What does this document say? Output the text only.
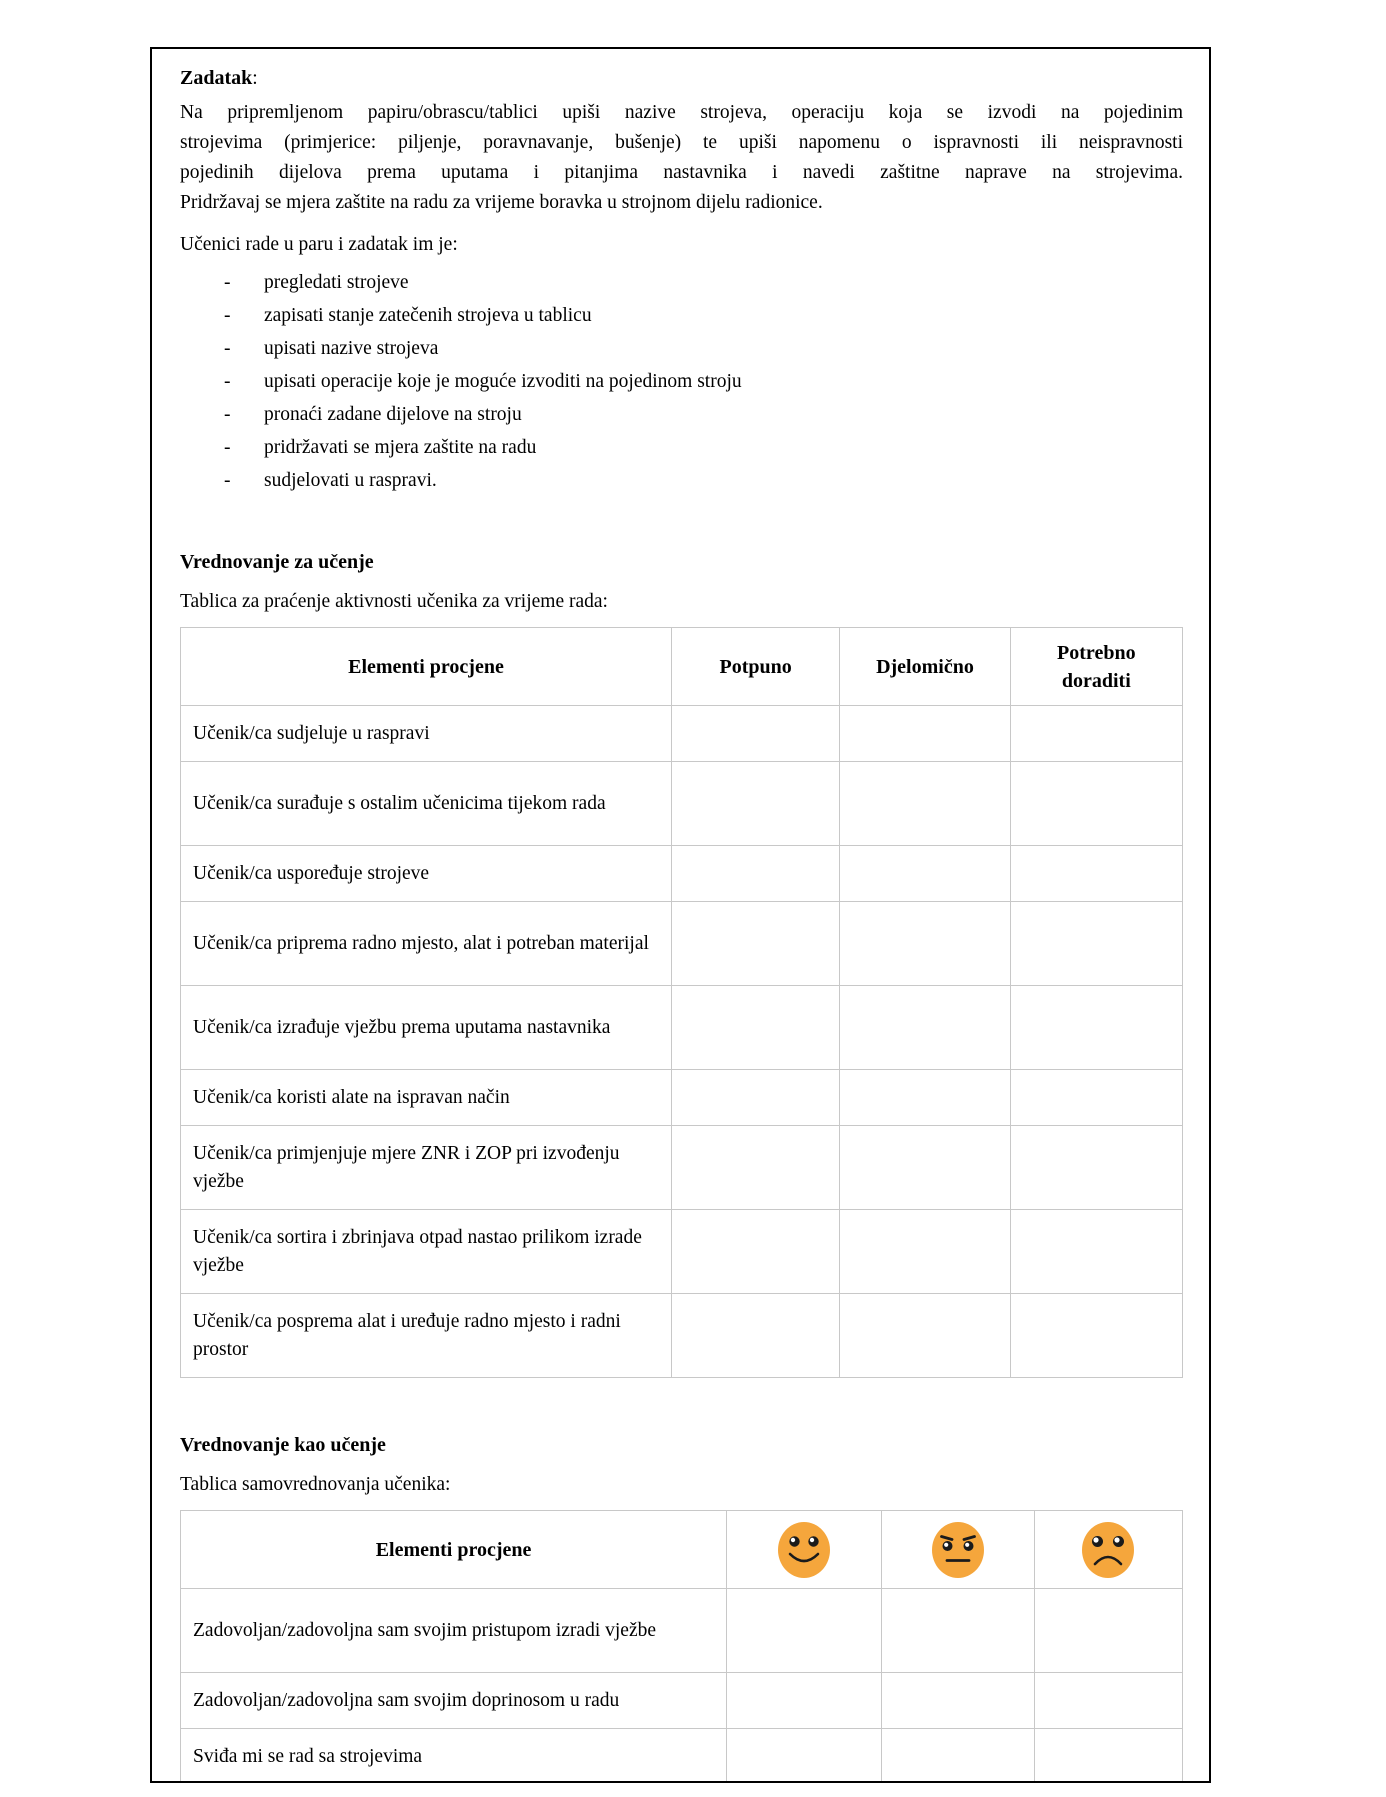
Zadatak:
Na pripremljenom papiru/obrascu/tablici upiši nazive strojeva, operaciju koja se izvodi na pojedinim
strojevima (primjerice: piljenje, poravnavanje, bušenje) te upiši napomenu o ispravnosti ili neispravnosti
pojedinih dijelova prema uputama i pitanjima nastavnika i navedi zaštitne naprave na strojevima.
Pridržavaj se mjera zaštite na radu za vrijeme boravka u strojnom dijelu radionice.
Učenici rade u paru i zadatak im je:
-	pregledati strojeve
-	zapisati stanje zatečenih strojeva u tablicu
-	upisati nazive strojeva
-	upisati operacije koje je moguće izvoditi na pojedinom stroju
-	pronaći zadane dijelove na stroju
-	pridržavati se mjera zaštite na radu
-	sudjelovati u raspravi.
Vrednovanje za učenje
Tablica za praćenje aktivnosti učenika za vrijeme rada:
Elementi procjene	Potpuno	Djelomično	Potrebno doraditi
Učenik/ca sudjeluje u raspravi			
Učenik/ca surađuje s ostalim učenicima tijekom rada			
Učenik/ca uspoređuje strojeve			
Učenik/ca priprema radno mjesto, alat i potreban materijal			
Učenik/ca izrađuje vježbu prema uputama nastavnika			
Učenik/ca koristi alate na ispravan način			
Učenik/ca primjenjuje mjere ZNR i ZOP pri izvođenju vježbe			
Učenik/ca sortira i zbrinjava otpad nastao prilikom izrade vježbe			
Učenik/ca posprema alat i uređuje radno mjesto i radni prostor			
Vrednovanje kao učenje
Tablica samovrednovanja učenika:
Elementi procjene			
Zadovoljan/zadovoljna sam svojim pristupom izradi vježbe			
Zadovoljan/zadovoljna sam svojim doprinosom u radu			
Sviđa mi se rad sa strojevima			
